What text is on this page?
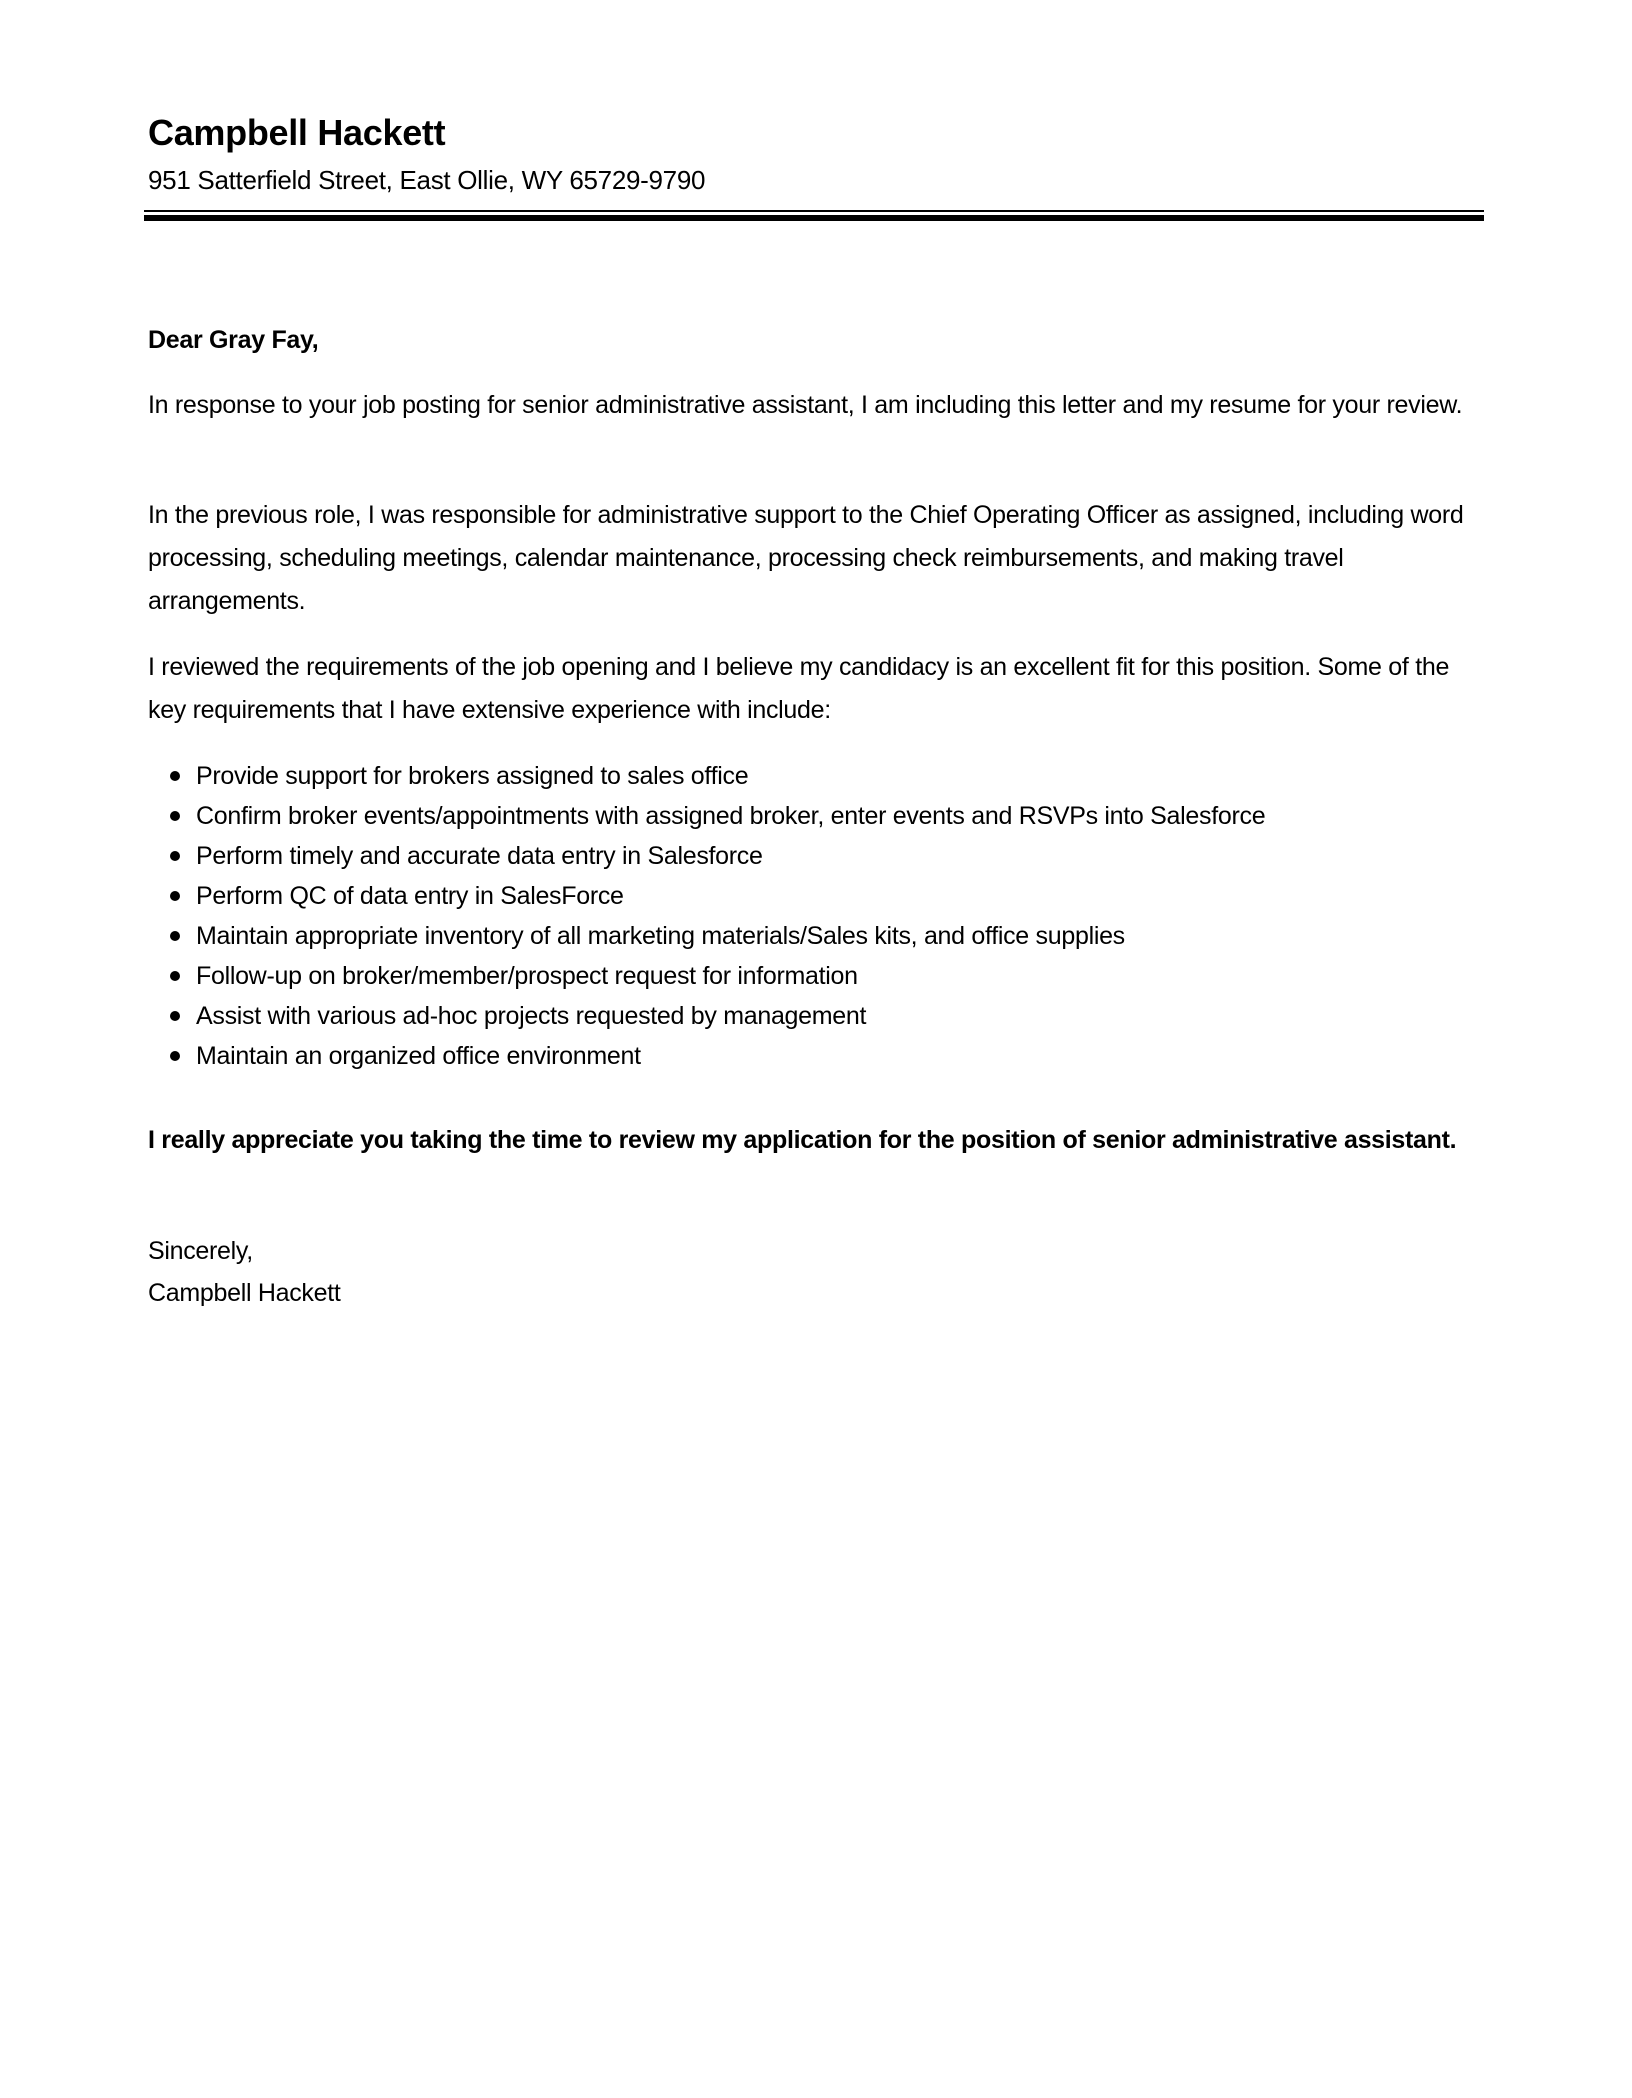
Campbell Hackett
951 Satterfield Street, East Ollie, WY 65729-9790

Dear Gray Fay,

In response to your job posting for senior administrative assistant, I am including this letter and my resume for your review.

In the previous role, I was responsible for administrative support to the Chief Operating Officer as assigned, including word processing, scheduling meetings, calendar maintenance, processing check reimbursements, and making travel arrangements.

I reviewed the requirements of the job opening and I believe my candidacy is an excellent fit for this position. Some of the key requirements that I have extensive experience with include:

Provide support for brokers assigned to sales office
Confirm broker events/appointments with assigned broker, enter events and RSVPs into Salesforce
Perform timely and accurate data entry in Salesforce
Perform QC of data entry in SalesForce
Maintain appropriate inventory of all marketing materials/Sales kits, and office supplies
Follow-up on broker/member/prospect request for information
Assist with various ad-hoc projects requested by management
Maintain an organized office environment

I really appreciate you taking the time to review my application for the position of senior administrative assistant.

Sincerely,

Campbell Hackett
